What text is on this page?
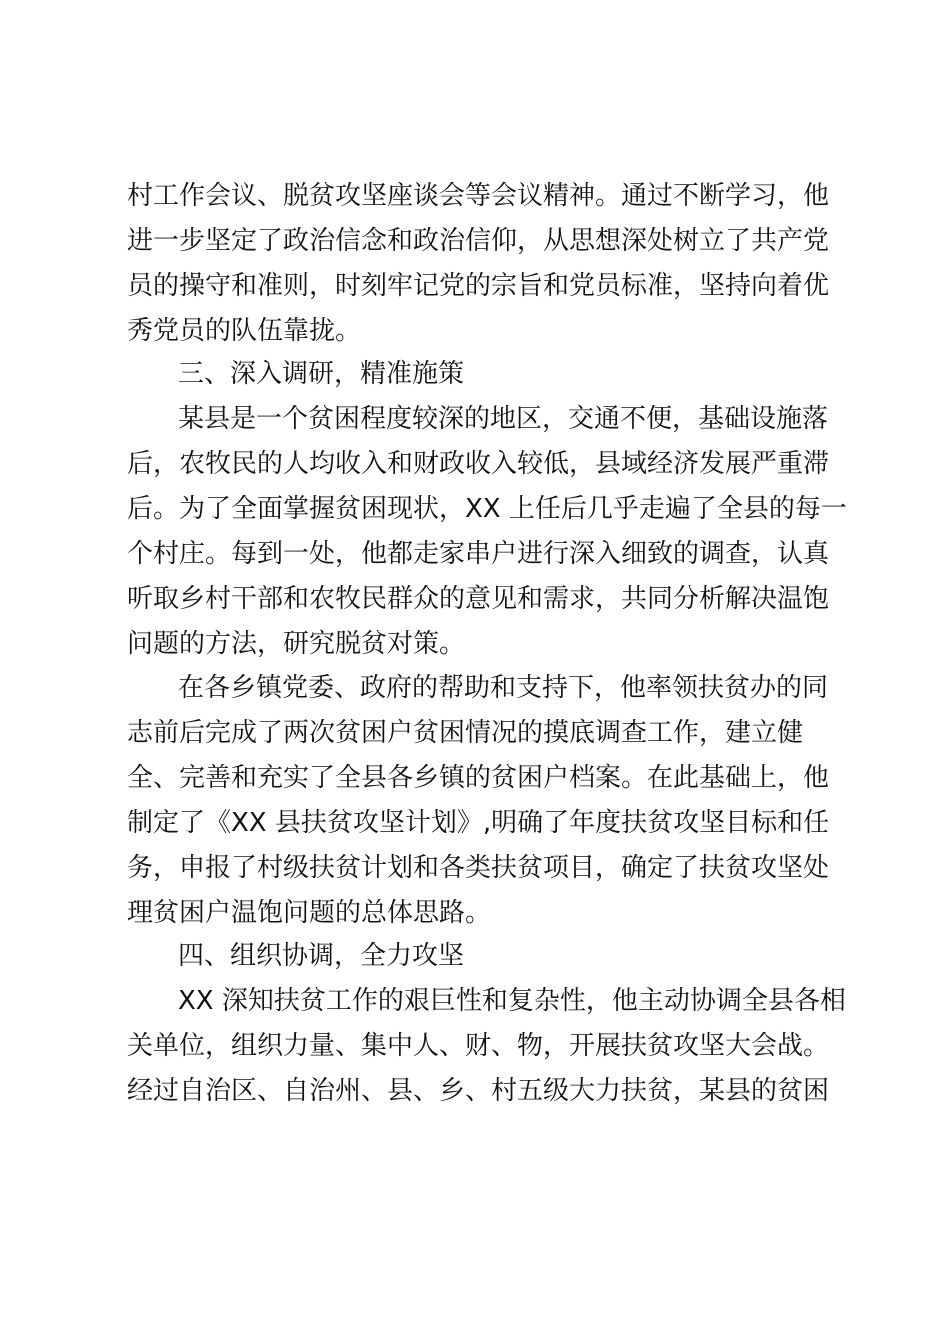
村工作会议、脱贫攻坚座谈会等会议精神。通过不断学习，他
进一步坚定了政治信念和政治信仰，从思想深处树立了共产党
员的操守和准则，时刻牢记党的宗旨和党员标准，坚持向着优
秀党员的队伍靠拢。
三、深入调研，精准施策
某县是一个贫困程度较深的地区，交通不便，基础设施落
后，农牧民的人均收入和财政收入较低，县域经济发展严重滞
后。为了全面掌握贫困现状，XX 上任后几乎走遍了全县的每一
个村庄。每到一处，他都走家串户进行深入细致的调查，认真
听取乡村干部和农牧民群众的意见和需求，共同分析解决温饱
问题的方法，研究脱贫对策。
在各乡镇党委、政府的帮助和支持下，他率领扶贫办的同
志前后完成了两次贫困户贫困情况的摸底调查工作，建立健
全、完善和充实了全县各乡镇的贫困户档案。在此基础上，他
制定了《XX 县扶贫攻坚计划》,明确了年度扶贫攻坚目标和任
务，申报了村级扶贫计划和各类扶贫项目，确定了扶贫攻坚处
理贫困户温饱问题的总体思路。
四、组织协调，全力攻坚
XX 深知扶贫工作的艰巨性和复杂性，他主动协调全县各相
关单位，组织力量、集中人、财、物，开展扶贫攻坚大会战。
经过自治区、自治州、县、乡、村五级大力扶贫，某县的贫困
